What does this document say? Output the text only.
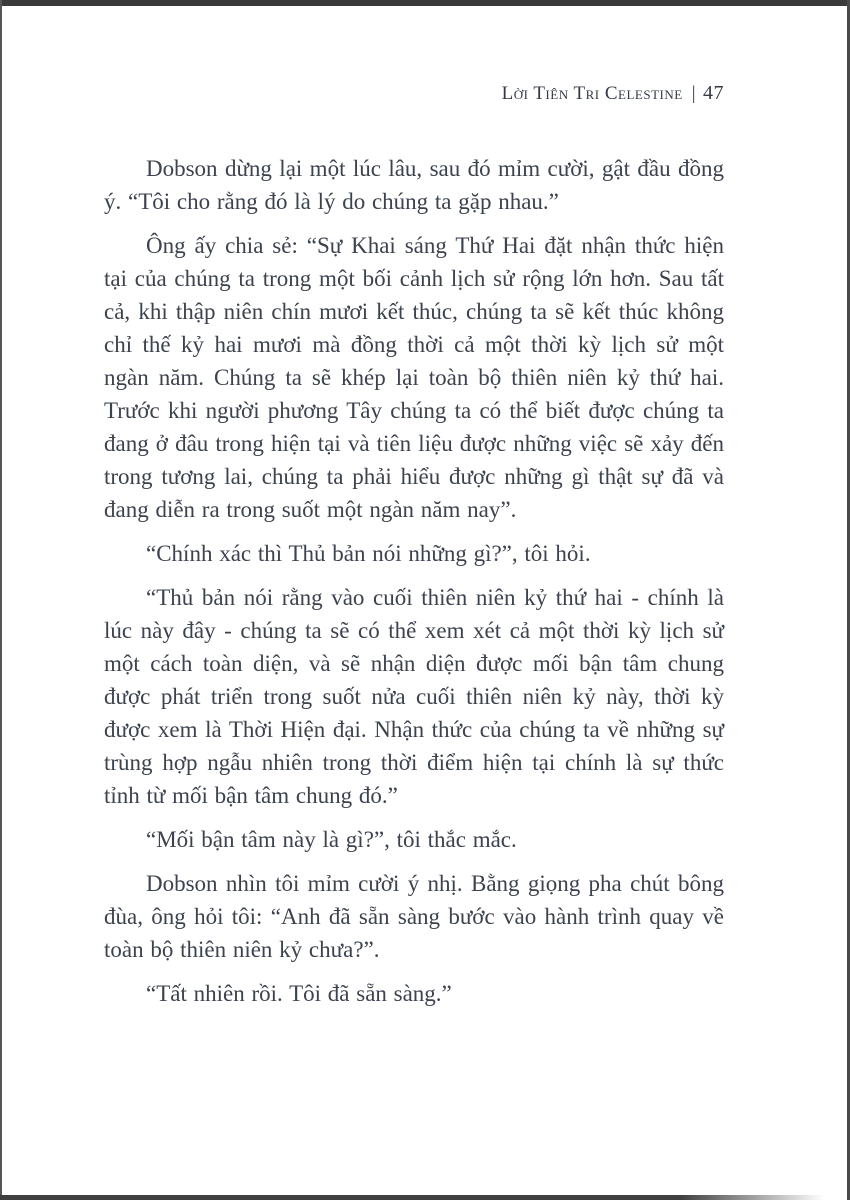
Lời Tiên Tri Celestine | 47

Dobson dừng lại một lúc lâu, sau đó mỉm cười, gật đầu đồng ý. “Tôi cho rằng đó là lý do chúng ta gặp nhau.”

Ông ấy chia sẻ: “Sự Khai sáng Thứ Hai đặt nhận thức hiện tại của chúng ta trong một bối cảnh lịch sử rộng lớn hơn. Sau tất cả, khi thập niên chín mươi kết thúc, chúng ta sẽ kết thúc không chỉ thế kỷ hai mươi mà đồng thời cả một thời kỳ lịch sử một ngàn năm. Chúng ta sẽ khép lại toàn bộ thiên niên kỷ thứ hai. Trước khi người phương Tây chúng ta có thể biết được chúng ta đang ở đâu trong hiện tại và tiên liệu được những việc sẽ xảy đến trong tương lai, chúng ta phải hiểu được những gì thật sự đã và đang diễn ra trong suốt một ngàn năm nay”.

“Chính xác thì Thủ bản nói những gì?”, tôi hỏi.

“Thủ bản nói rằng vào cuối thiên niên kỷ thứ hai - chính là lúc này đây - chúng ta sẽ có thể xem xét cả một thời kỳ lịch sử một cách toàn diện, và sẽ nhận diện được mối bận tâm chung được phát triển trong suốt nửa cuối thiên niên kỷ này, thời kỳ được xem là Thời Hiện đại. Nhận thức của chúng ta về những sự trùng hợp ngẫu nhiên trong thời điểm hiện tại chính là sự thức tỉnh từ mối bận tâm chung đó.”

“Mối bận tâm này là gì?”, tôi thắc mắc.

Dobson nhìn tôi mỉm cười ý nhị. Bằng giọng pha chút bông đùa, ông hỏi tôi: “Anh đã sẵn sàng bước vào hành trình quay về toàn bộ thiên niên kỷ chưa?”.

“Tất nhiên rồi. Tôi đã sẵn sàng.”
